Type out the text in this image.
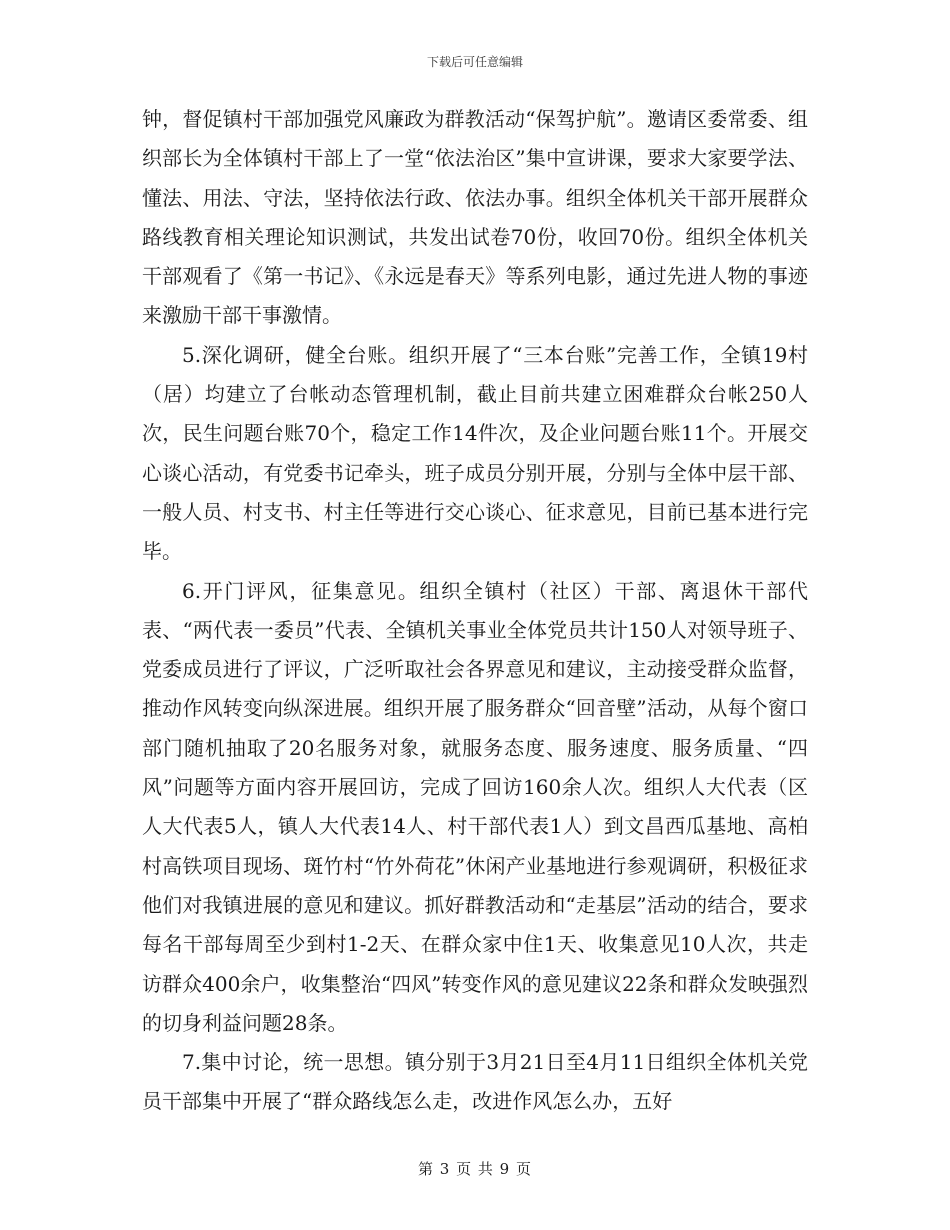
下载后可任意编辑

钟，督促镇村干部加强党风廉政为群教活动“保驾护航”。邀请区委常委、组织部长为全体镇村干部上了一堂“依法治区”集中宣讲课，要求大家要学法、懂法、用法、守法，坚持依法行政、依法办事。组织全体机关干部开展群众路线教育相关理论知识测试，共发出试卷70份，收回70份。组织全体机关干部观看了《第一书记》、《永远是春天》等系列电影，通过先进人物的事迹来激励干部干事激情。

5.深化调研，健全台账。组织开展了“三本台账”完善工作，全镇19村（居）均建立了台帐动态管理机制，截止目前共建立困难群众台帐250人次，民生问题台账70个，稳定工作14件次，及企业问题台账11个。开展交心谈心活动，有党委书记牵头，班子成员分别开展，分别与全体中层干部、一般人员、村支书、村主任等进行交心谈心、征求意见，目前已基本进行完毕。

6.开门评风，征集意见。组织全镇村（社区）干部、离退休干部代表、“两代表一委员”代表、全镇机关事业全体党员共计150人对领导班子、党委成员进行了评议，广泛听取社会各界意见和建议，主动接受群众监督，推动作风转变向纵深进展。组织开展了服务群众“回音壁”活动，从每个窗口部门随机抽取了20名服务对象，就服务态度、服务速度、服务质量、“四风”问题等方面内容开展回访，完成了回访160余人次。组织人大代表（区人大代表5人，镇人大代表14人、村干部代表1人）到文昌西瓜基地、高柏村高铁项目现场、斑竹村“竹外荷花”休闲产业基地进行参观调研，积极征求他们对我镇进展的意见和建议。抓好群教活动和“走基层”活动的结合，要求每名干部每周至少到村1-2天、在群众家中住1天、收集意见10人次，共走访群众400余户，收集整治“四风”转变作风的意见建议22条和群众发映强烈的切身利益问题28条。

7.集中讨论，统一思想。镇分别于3月21日至4月11日组织全体机关党员干部集中开展了“群众路线怎么走，改进作风怎么办，五好

第 3 页 共 9 页
